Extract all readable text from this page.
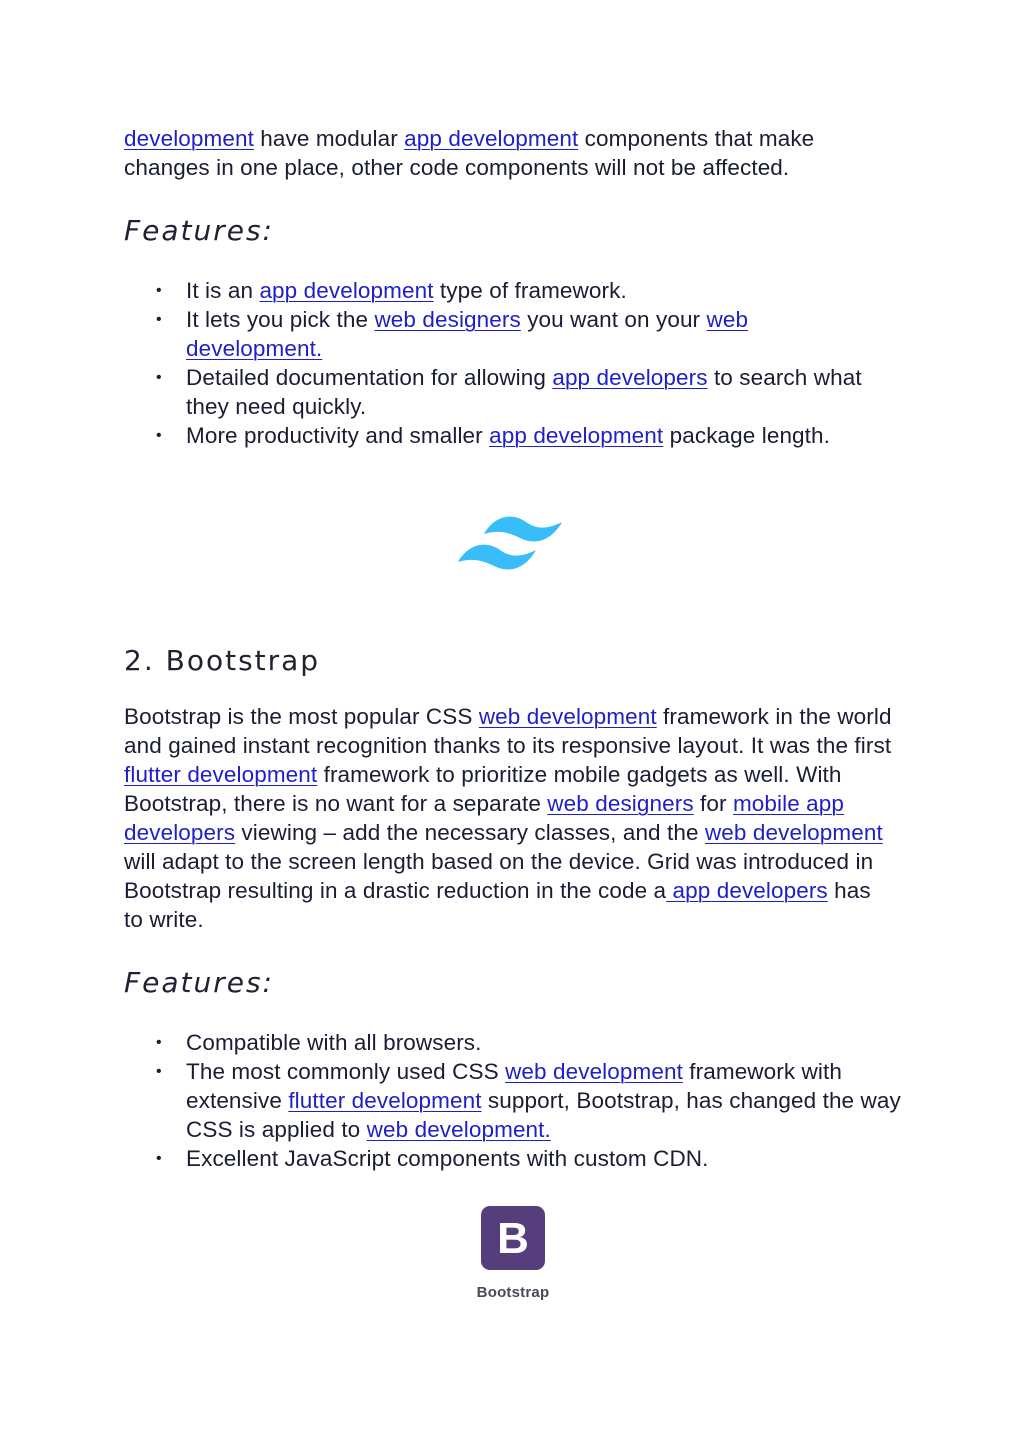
development have modular app development components that make changes in one place, other code components will not be affected.

Features:
• It is an app development type of framework.
• It lets you pick the web designers you want on your web development.
• Detailed documentation for allowing app developers to search what they need quickly.
• More productivity and smaller app development package length.
2. Bootstrap

Bootstrap is the most popular CSS web development framework in the world and gained instant recognition thanks to its responsive layout. It was the first flutter development framework to prioritize mobile gadgets as well. With Bootstrap, there is no want for a separate web designers for mobile app developers viewing – add the necessary classes, and the web development will adapt to the screen length based on the device. Grid was introduced in Bootstrap resulting in a drastic reduction in the code a app developers has to write.

Features:
• Compatible with all browsers.
• The most commonly used CSS web development framework with extensive flutter development support, Bootstrap, has changed the way CSS is applied to web development.
• Excellent JavaScript components with custom CDN.
B
Bootstrap
